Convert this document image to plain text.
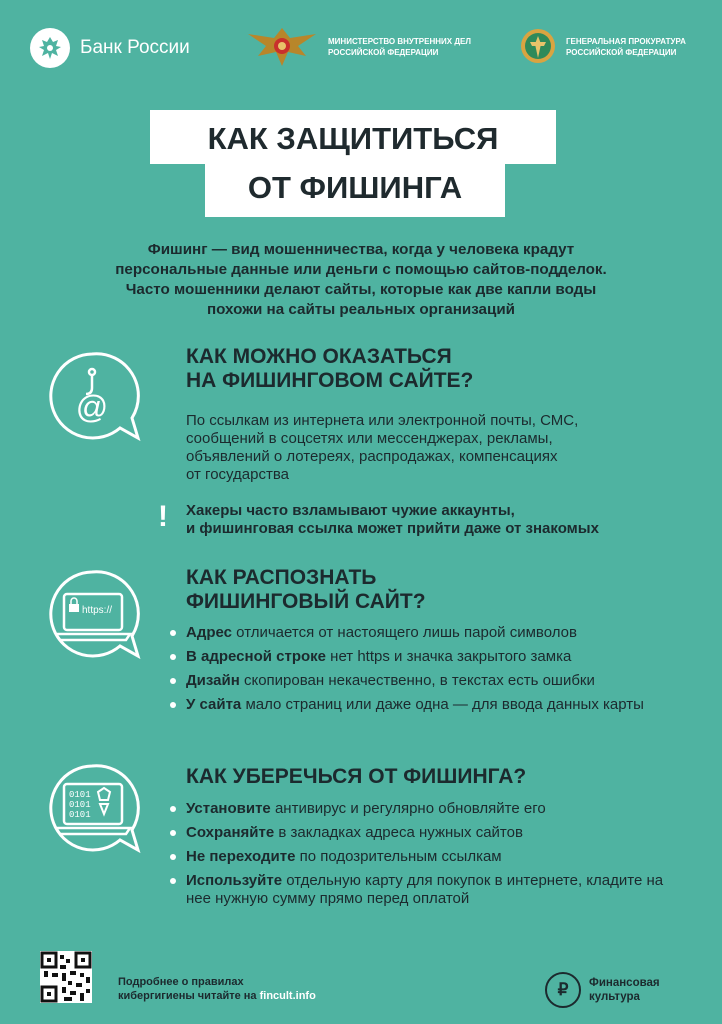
Банк России	МИНИСТЕРСТВО ВНУТРЕННИХ ДЕЛ
РОССИЙСКОЙ ФЕДЕРАЦИИ
ГЕНЕРАЛЬНАЯ ПРОКУРАТУРА
РОССИЙСКОЙ ФЕДЕРАЦИИ
КАК ЗАЩИТИТЬСЯ
ОТ ФИШИНГА
Фишинг — вид мошенничества, когда у человека крадут
персональные данные или деньги с помощью сайтов-подделок.
Часто мошенники делают сайты, которые как две капли воды
похожи на сайты реальных организаций
@
КАК МОЖНО ОКАЗАТЬСЯ
НА ФИШИНГОВОМ САЙТЕ?
По ссылкам из интернета или электронной почты, СМС,
сообщений в соцсетях или мессенджерах, рекламы,
объявлений о лотереях, распродажах, компенсациях
от государства
! Хакеры часто взламывают чужие аккаунты,
и фишинговая ссылка может прийти даже от знакомых
https://
КАК РАСПОЗНАТЬ
ФИШИНГОВЫЙ САЙТ?
Адрес отличается от настоящего лишь парой символов
В адресной строке нет https и значка закрытого замка
Дизайн скопирован некачественно, в текстах есть ошибки
У сайта мало страниц или даже одна — для ввода данных карты
0101
0101
0101
КАК УБЕРЕЧЬСЯ ОТ ФИШИНГА?
Установите антивирус и регулярно обновляйте его
Сохраняйте в закладках адреса нужных сайтов
Не переходите по подозрительным ссылкам
Используйте отдельную карту для покупок в интернете, кладите на нее нужную сумму прямо перед оплатой
Подробнее о правилах
кибергигиены читайте на fincult.info	₽	Финансовая
культура
